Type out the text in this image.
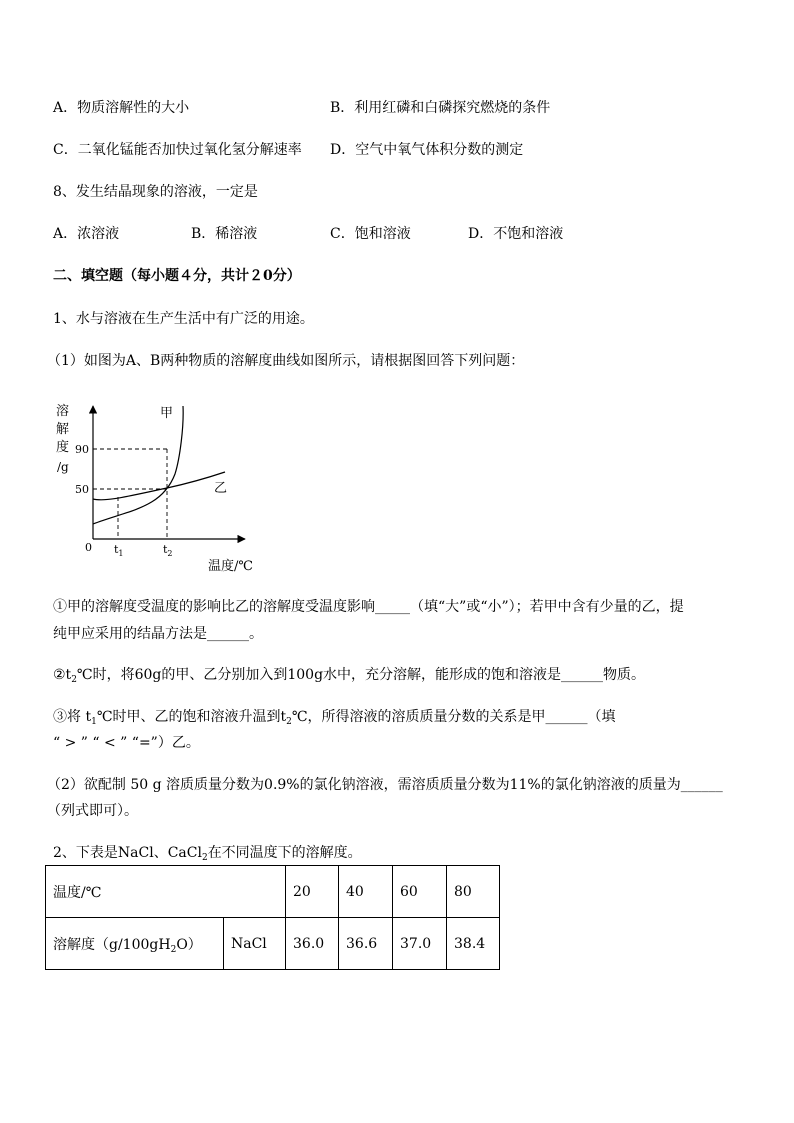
A．物质溶解性的大小	B．利用红磷和白磷探究燃烧的条件
C．二氧化锰能否加快过氧化氢分解速率 D．空气中氧气体积分数的测定
8、发生结晶现象的溶液，一定是
A．浓溶液	B．稀溶液	C．饱和溶液	D．不饱和溶液
二、填空题（每小题４分，共计２0分）
1、水与溶液在生产生活中有广泛的用途。
（1）如图为A、B两种物质的溶解度曲线如图所示，请根据图回答下列问题：
溶
解
度
/g
90
50
0 $t_1$	$t_2$
甲
乙
温度/℃
①甲的溶解度受温度的影响比乙的溶解度受温度影响_____（填“大”或“小”）；若甲中含有少量的乙，提
纯甲应采用的结晶方法是______。
$②t_2℃$时，将60g的甲、乙分别加入到100g水中，充分溶解，能形成的饱和溶液是______物质。
③将 $t_1℃$时甲、乙的饱和溶液升温到$t_2℃$，所得溶液的溶质质量分数的关系是甲______（填
“ > ” “ < ” “=”）乙。
（2）欲配制 50 g 溶质质量分数为0.9%的氯化钠溶液，需溶质质量分数为11%的氯化钠溶液的质量为______
（列式即可）。
2、下表是NaCl、CaCl$_2$在不同温度下的溶解度。
温度/℃		20	40	60	80
溶解度$(g/100gH_2O)$	NaCl	36.0	36.6	37.0	38.4
